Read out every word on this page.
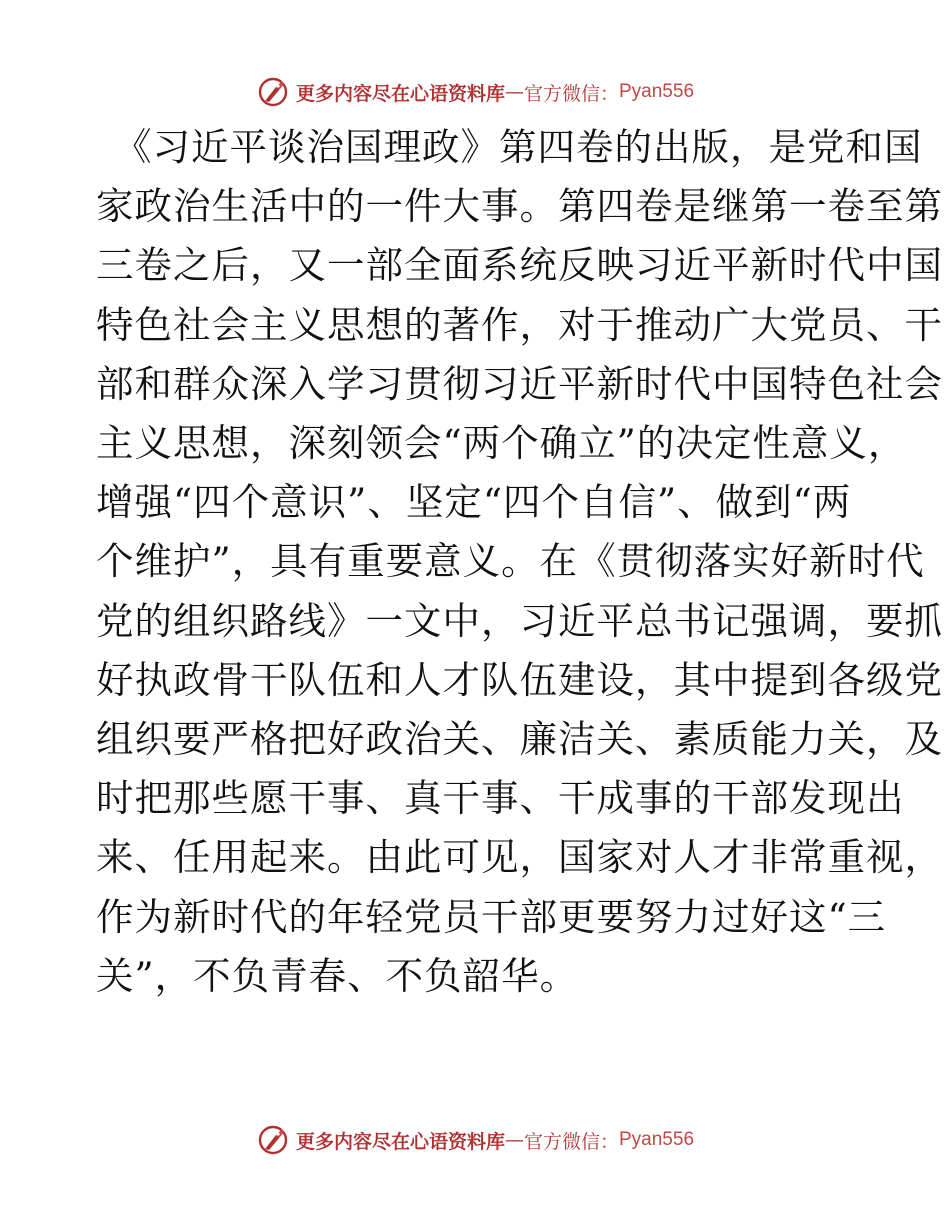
更多内容尽在心语资料库 — 官方微信： Pyan556
《习近平谈治国理政》第四卷的出版，是党和国
家政治生活中的一件大事。第四卷是继第一卷至第
三卷之后，又一部全面系统反映习近平新时代中国
特色社会主义思想的著作，对于推动广大党员、干
部和群众深入学习贯彻习近平新时代中国特色社会
主义思想，深刻领会“两个确立”的决定性意义，
增强“四个意识”、坚定“四个自信”、做到“两
个维护”，具有重要意义。在《贯彻落实好新时代
党的组织路线》一文中，习近平总书记强调，要抓
好执政骨干队伍和人才队伍建设，其中提到各级党
组织要严格把好政治关、廉洁关、素质能力关，及
时把那些愿干事、真干事、干成事的干部发现出
来、任用起来。由此可见，国家对人才非常重视，
作为新时代的年轻党员干部更要努力过好这“三
关”，不负青春、不负韶华。
更多内容尽在心语资料库 — 官方微信： Pyan556
